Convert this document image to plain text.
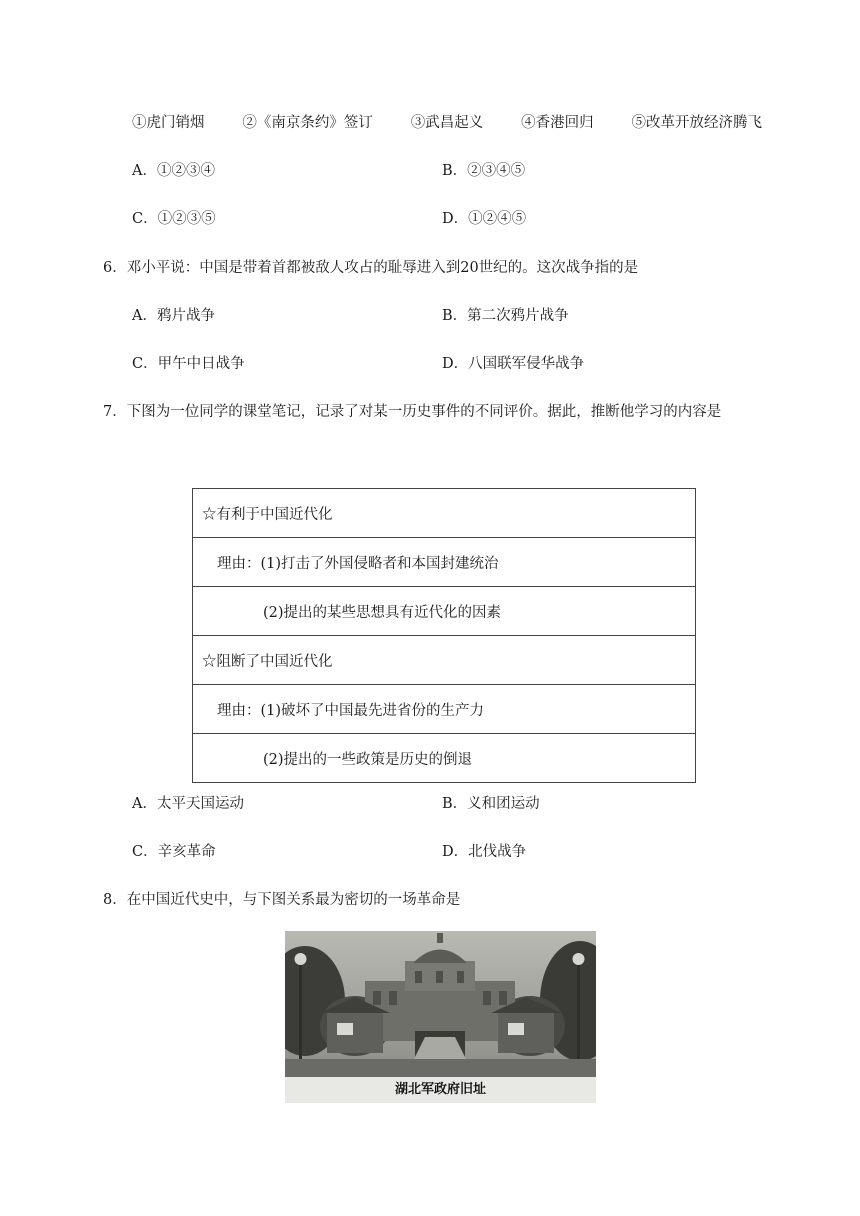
①虎门销烟	②《南京条约》签订	③武昌起义	④香港回归	⑤改革开放经济腾飞
A．①②③④	B．②③④⑤
C．①②③⑤	D．①②④⑤
6．邓小平说：中国是带着首都被敌人攻占的耻辱进入到20世纪的。这次战争指的是
A．鸦片战争	B．第二次鸦片战争
C．甲午中日战争	D．八国联军侵华战争
7．下图为一位同学的课堂笔记，记录了对某一历史事件的不同评价。据此，推断他学习的内容是
☆有利于中国近代化
理由：(1)打击了外国侵略者和本国封建统治
(2)提出的某些思想具有近代化的因素
☆阻断了中国近代化
理由：(1)破坏了中国最先进省份的生产力
(2)提出的一些政策是历史的倒退
A．太平天国运动	B．义和团运动
C．辛亥革命	D．北伐战争
8．在中国近代史中，与下图关系最为密切的一场革命是
湖北军政府旧址
